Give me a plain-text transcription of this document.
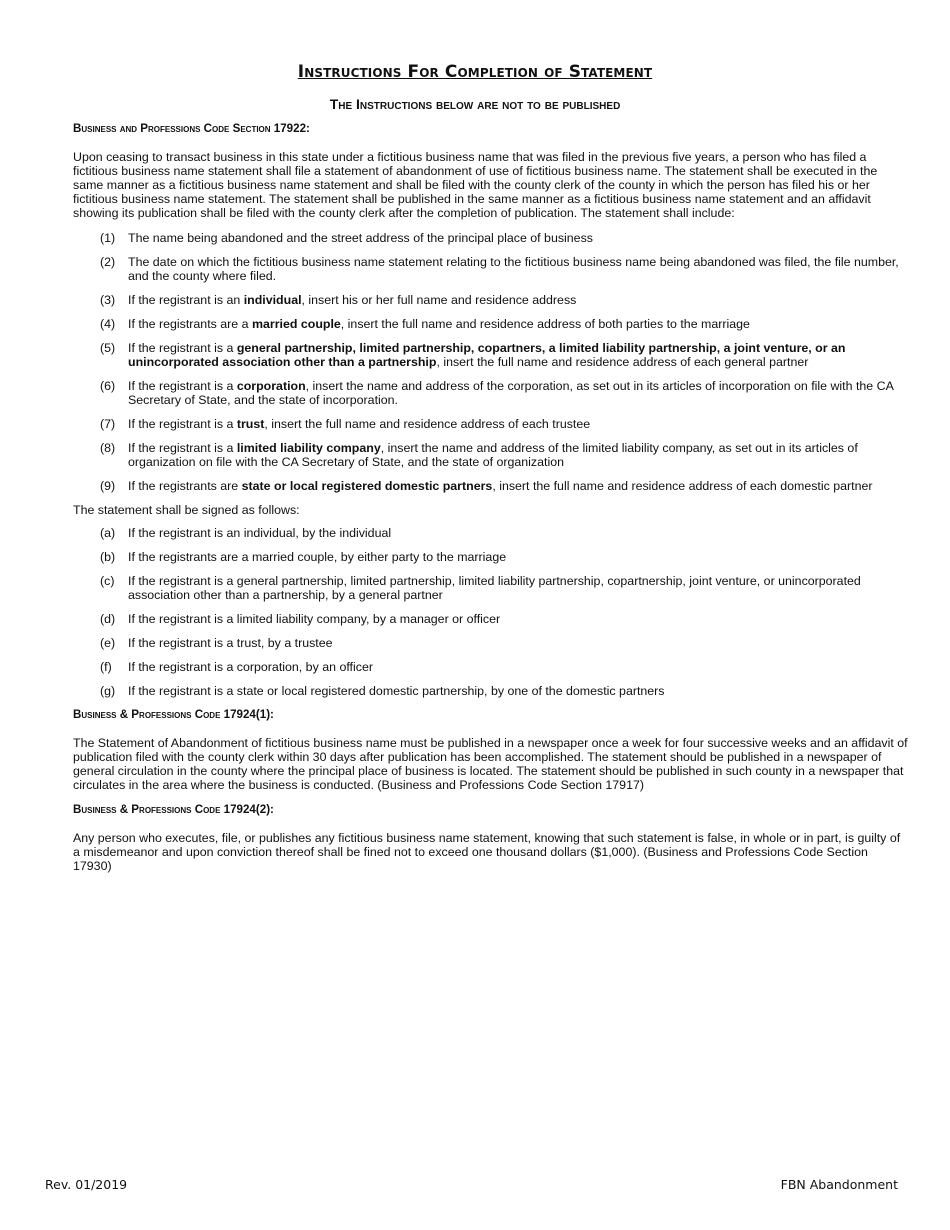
Instructions For Completion of Statement
The Instructions below are not to be published
Business and Professions Code Section 17922:
Upon ceasing to transact business in this state under a fictitious business name that was filed in the previous five years, a person who has filed a fictitious business name statement shall file a statement of abandonment of use of fictitious business name. The statement shall be executed in the same manner as a fictitious business name statement and shall be filed with the county clerk of the county in which the person has filed his or her fictitious business name statement. The statement shall be published in the same manner as a fictitious business name statement and an affidavit showing its publication shall be filed with the county clerk after the completion of publication. The statement shall include:
(1)	The name being abandoned and the street address of the principal place of business
(2)	The date on which the fictitious business name statement relating to the fictitious business name being abandoned was filed, the file number, and the county where filed.
(3)	If the registrant is an individual, insert his or her full name and residence address
(4)	If the registrants are a married couple, insert the full name and residence address of both parties to the marriage
(5)	If the registrant is a general partnership, limited partnership, copartners, a limited liability partnership, a joint venture, or an unincorporated association other than a partnership, insert the full name and residence address of each general partner
(6)	If the registrant is a corporation, insert the name and address of the corporation, as set out in its articles of incorporation on file with the CA Secretary of State, and the state of incorporation.
(7)	If the registrant is a trust, insert the full name and residence address of each trustee
(8)	If the registrant is a limited liability company, insert the name and address of the limited liability company, as set out in its articles of organization on file with the CA Secretary of State, and the state of organization
(9)	If the registrants are state or local registered domestic partners, insert the full name and residence address of each domestic partner
The statement shall be signed as follows:
(a)	If the registrant is an individual, by the individual
(b)	If the registrants are a married couple, by either party to the marriage
(c)	If the registrant is a general partnership, limited partnership, limited liability partnership, copartnership, joint venture, or unincorporated association other than a partnership, by a general partner
(d)	If the registrant is a limited liability company, by a manager or officer
(e)	If the registrant is a trust, by a trustee
(f)	If the registrant is a corporation, by an officer
(g)	If the registrant is a state or local registered domestic partnership, by one of the domestic partners
Business & Professions Code 17924(1):
The Statement of Abandonment of fictitious business name must be published in a newspaper once a week for four successive weeks and an affidavit of publication filed with the county clerk within 30 days after publication has been accomplished. The statement should be published in a newspaper of general circulation in the county where the principal place of business is located. The statement should be published in such county in a newspaper that circulates in the area where the business is conducted. (Business and Professions Code Section 17917)
Business & Professions Code 17924(2):
Any person who executes, file, or publishes any fictitious business name statement, knowing that such statement is false, in whole or in part, is guilty of a misdemeanor and upon conviction thereof shall be fined not to exceed one thousand dollars ($1,000). (Business and Professions Code Section 17930)
Rev. 01/2019	FBN Abandonment
